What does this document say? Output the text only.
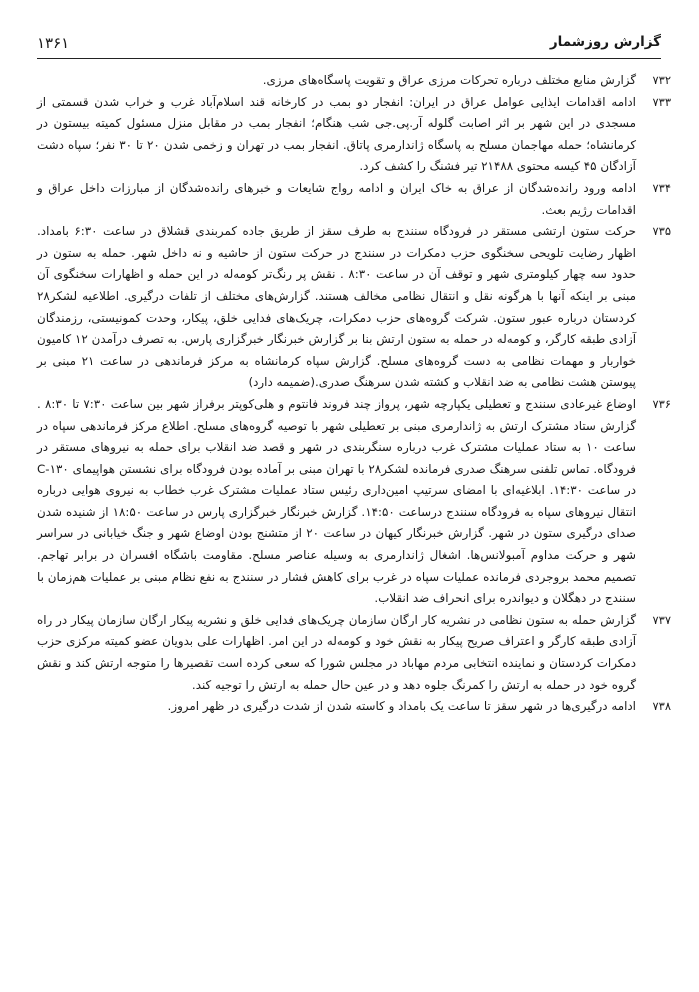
۱۳۶۱	گزارش روزشمار

۷۳۲
گزارش منابع مختلف درباره تحرکات مرزی عراق و تقویت پاسگاه‌های مرزی.

۷۳۳
ادامه اقدامات ایذایی عوامل عراق در ایران: انفجار دو بمب در کارخانه قند اسلام‌آباد غرب و خراب شدن قسمتی از مسجدی در این شهر بر اثر اصابت گلوله آر.پی.جی شب هنگام؛ انفجار بمب در مقابل منزل مسئول کمیته بیستون در کرمانشاه؛ حمله مهاجمان مسلح به پاسگاه ژاندارمری پاتاق. انفجار بمب در تهران و زخمی شدن ۲۰ تا ۳۰ نفر؛ سپاه دشت آزادگان ۴۵ کیسه محتوی ۲۱۴۸۸ تیر فشنگ را کشف کرد.

۷۳۴
ادامه ورود رانده‌شدگان از عراق به خاک ایران و ادامه رواج شایعات و خبرهای رانده‌شدگان از مبارزات داخل عراق و اقدامات رژیم بعث.

۷۳۵
حرکت ستون ارتشی مستقر در فرودگاه سنندج به طرف سقز از طریق جاده کمربندی قشلاق در ساعت ۶:۳۰ بامداد. اظهار رضایت تلویحی سخنگوی حزب دمکرات در سنندج در حرکت ستون از حاشیه و نه داخل شهر. حمله به ستون در حدود سه چهار کیلومتری شهر و توقف آن در ساعت ۸:۳۰ . نقش پر رنگ‌تر کومه‌له در این حمله و اظهارات سخنگوی آن مبنی بر اینکه آنها با هرگونه نقل و انتقال نظامی مخالف هستند. گزارش‌های مختلف از تلفات درگیری. اطلاعیه لشکر۲۸ کردستان درباره عبور ستون. شرکت گروه‌های حزب دمکرات، چریک‌های فدایی خلق، پیکار، وحدت کمونیستی، رزمندگان آزادی طبقه کارگر، و کومه‌له در حمله به ستون ارتش بنا بر گزارش خبرنگار خبرگزاری پارس. به تصرف درآمدن ۱۲ کامیون خواربار و مهمات نظامی به دست گروه‌های مسلح. گزارش سپاه کرمانشاه به مرکز فرماندهی در ساعت ۲۱ مبنی بر پیوستن هشت نظامی به ضد انقلاب و کشته شدن سرهنگ صدری.(ضمیمه دارد)

۷۳۶
اوضاع غیرعادی سنندج و تعطیلی یکپارچه شهر، پرواز چند فروند فانتوم و هلی‌کوپتر برفراز شهر بین ساعت ۷:۳۰ تا ۸:۳۰ . گزارش ستاد مشترک ارتش به ژاندارمری مبنی بر تعطیلی شهر با توصیه گروه‌های مسلح. اطلاع مرکز فرماندهی سپاه در ساعت ۱۰ به ستاد عملیات مشترک غرب درباره سنگربندی در شهر و قصد ضد انقلاب برای حمله به نیروهای مستقر در فرودگاه. تماس تلفنی سرهنگ صدری فرمانده لشکر۲۸ با تهران مبنی بر آماده بودن فرودگاه برای نشستن هواپیمای C-۱۳۰ در ساعت ۱۴:۳۰. ابلاغیه‌ای با امضای سرتیپ امین‌داری رئیس ستاد عملیات مشترک غرب خطاب به نیروی هوایی درباره انتقال نیروهای سپاه به فرودگاه سنندج درساعت ۱۴:۵۰. گزارش خبرنگار خبرگزاری پارس در ساعت ۱۸:۵۰ از شنیده شدن صدای درگیری ستون در شهر. گزارش خبرنگار کیهان در ساعت ۲۰ از متشنج بودن اوضاع شهر و جنگ خیابانی در سراسر شهر و حرکت مداوم آمبولانس‌ها. اشغال ژاندارمری به وسیله عناصر مسلح. مقاومت باشگاه افسران در برابر تهاجم. تصمیم محمد بروجردی فرمانده عملیات سپاه در غرب برای کاهش فشار در سنندج به نفع نظام مبنی بر عملیات هم‌زمان با سنندج در دهگلان و دیواندره برای انحراف ضد انقلاب.

۷۳۷
گزارش حمله به ستون نظامی در نشریه کار ارگان سازمان چریک‌های فدایی خلق و نشریه پیکار ارگان سازمان پیکار در راه آزادی طبقه کارگر و اعتراف صریح پیکار به نقش خود و کومه‌له در این امر. اظهارات علی بدویان عضو کمیته مرکزی حزب دمکرات کردستان و نماینده انتخابی مردم مهاباد در مجلس شورا که سعی کرده است تقصیرها را متوجه ارتش کند و نقش گروه خود در حمله به ارتش را کمرنگ جلوه دهد و در عین حال حمله به ارتش را توجیه کند.

۷۳۸
ادامه درگیری‌ها در شهر سقز تا ساعت یک بامداد و کاسته شدن از شدت درگیری در ظهر امروز.
